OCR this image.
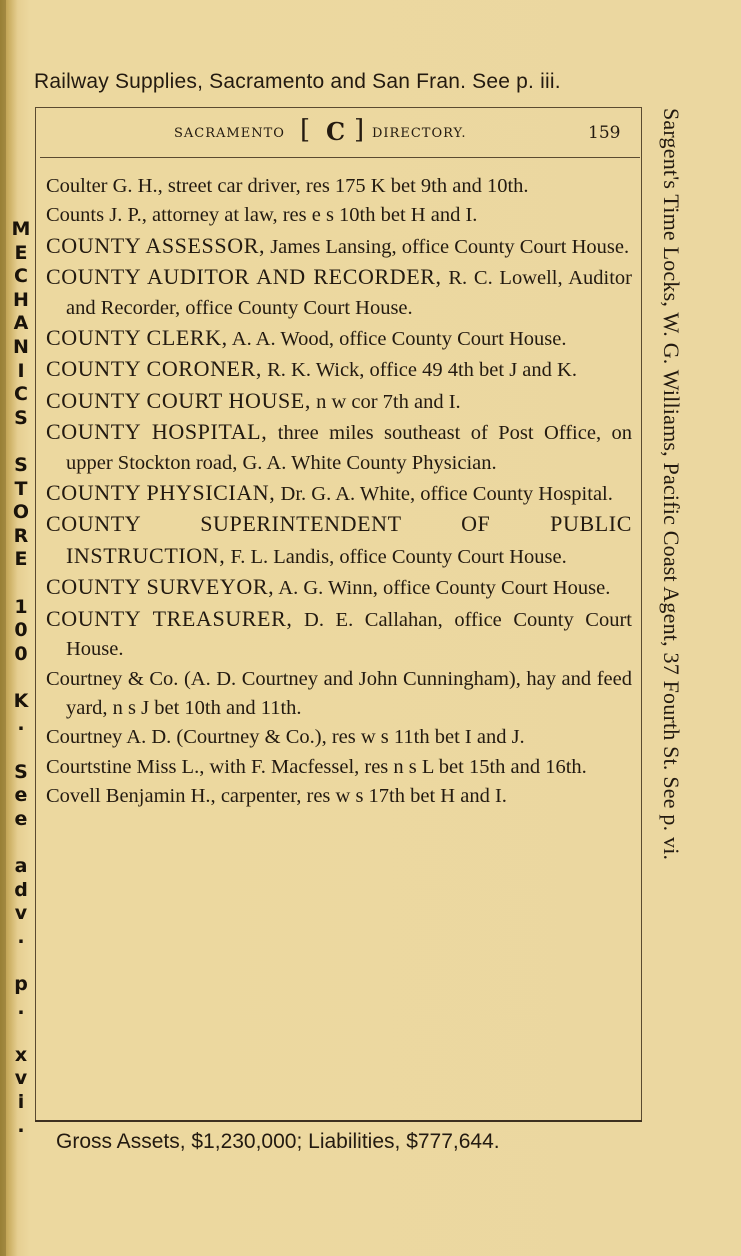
Railway Supplies, Sacramento and San Fran. See p. iii.
SACRAMENTO [ C ] DIRECTORY.	159
Coulter G. H., street car driver, res 175 K bet 9th and 10th.
Counts J. P., attorney at law, res e s 10th bet H and I.
COUNTY ASSESSOR, James Lansing, office County Court House.
COUNTY AUDITOR AND RECORDER, R. C. Lowell, Auditor and Recorder, office County Court House.
COUNTY CLERK, A. A. Wood, office County Court House.
COUNTY CORONER, R. K. Wick, office 49 4th bet J and K.
COUNTY COURT HOUSE, n w cor 7th and I.
COUNTY HOSPITAL, three miles southeast of Post Office, on upper Stockton road, G. A. White County Physician.
COUNTY PHYSICIAN, Dr. G. A. White, office County Hospital.
COUNTY SUPERINTENDENT OF PUBLIC INSTRUCTION, F. L. Landis, office County Court House.
COUNTY SURVEYOR, A. G. Winn, office County Court House.
COUNTY TREASURER, D. E. Callahan, office County Court House.
Courtney & Co. (A. D. Courtney and John Cunningham), hay and feed yard, n s J bet 10th and 11th.
Courtney A. D. (Courtney & Co.), res w s 11th bet I and J.
Courtstine Miss L., with F. Macfessel, res n s L bet 15th and 16th.
Covell Benjamin H., carpenter, res w s 17th bet H and I.
M
E
C
H
A
N
I
C
S
S
T
O
R
E
1
0
0
K
.
S
e
e
a
d
v
.
p
.
x
v
i
.
Sargent's Time Locks, W. G. Williams, Pacific Coast Agent, 37 Fourth St. See p. vi.
Gross Assets, $1,230,000; Liabilities, $777,644.
